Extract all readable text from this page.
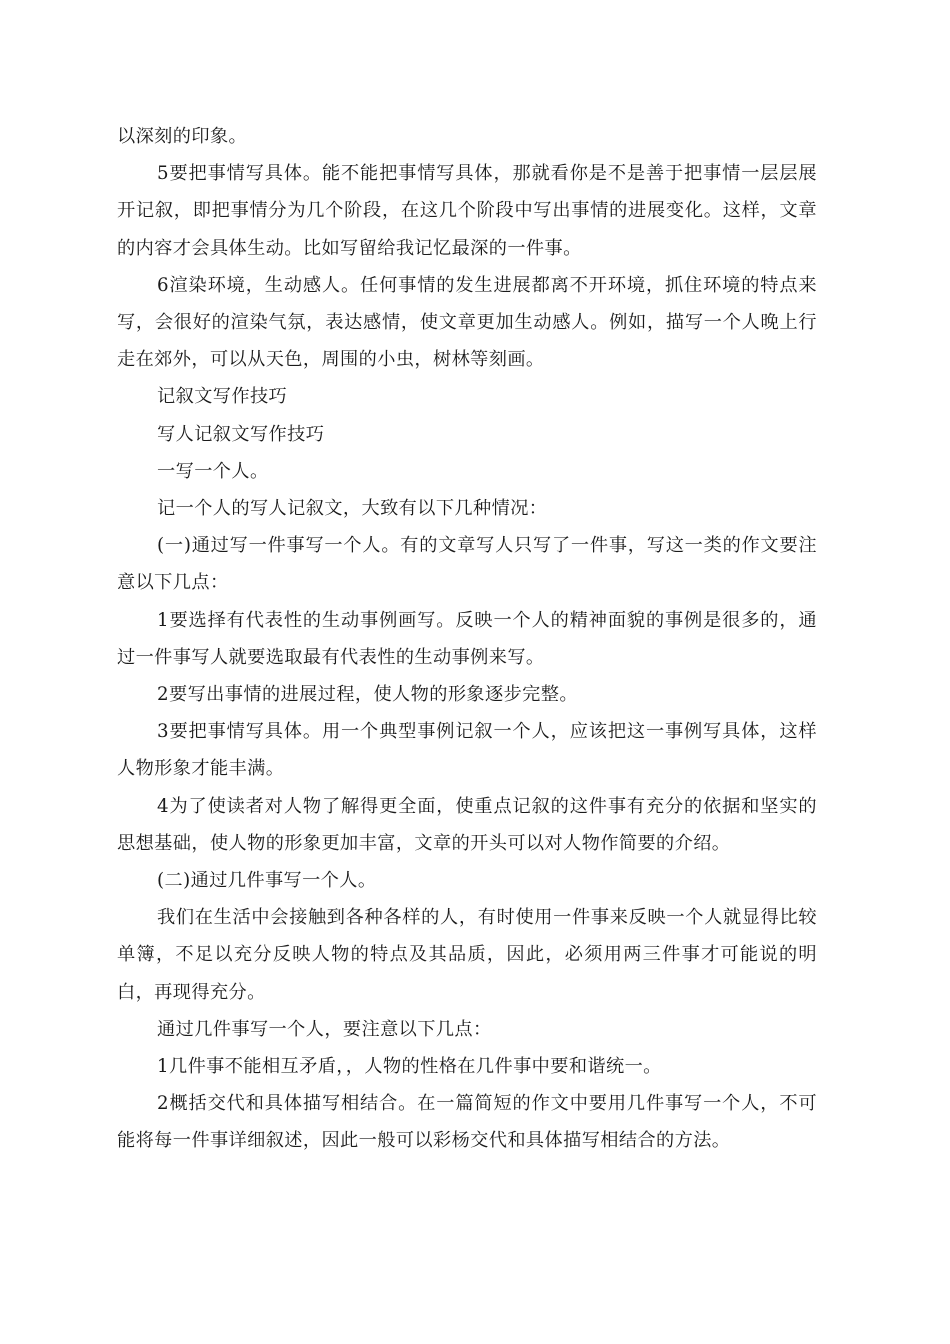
以深刻的印象。

5要把事情写具体。能不能把事情写具体，那就看你是不是善于把事情一层层展开记叙，即把事情分为几个阶段，在这几个阶段中写出事情的进展变化。这样，文章的内容才会具体生动。比如写留给我记忆最深的一件事。

6渲染环境，生动感人。任何事情的发生进展都离不开环境，抓住环境的特点来写，会很好的渲染气氛，表达感情，使文章更加生动感人。例如，描写一个人晚上行走在郊外，可以从天色，周围的小虫，树林等刻画。

记叙文写作技巧

写人记叙文写作技巧

一写一个人。

记一个人的写人记叙文，大致有以下几种情况：

(一)通过写一件事写一个人。有的文章写人只写了一件事，写这一类的作文要注意以下几点：

1要选择有代表性的生动事例画写。反映一个人的精神面貌的事例是很多的，通过一件事写人就要选取最有代表性的生动事例来写。

2要写出事情的进展过程，使人物的形象逐步完整。

3要把事情写具体。用一个典型事例记叙一个人，应该把这一事例写具体，这样人物形象才能丰满。

4为了使读者对人物了解得更全面，使重点记叙的这件事有充分的依据和坚实的思想基础，使人物的形象更加丰富，文章的开头可以对人物作简要的介绍。

(二)通过几件事写一个人。

我们在生活中会接触到各种各样的人，有时使用一件事来反映一个人就显得比较单簿，不足以充分反映人物的特点及其品质，因此，必须用两三件事才可能说的明白，再现得充分。

通过几件事写一个人，要注意以下几点：

1几件事不能相互矛盾，，人物的性格在几件事中要和谐统一。

2概括交代和具体描写相结合。在一篇简短的作文中要用几件事写一个人，不可能将每一件事详细叙述，因此一般可以彩杨交代和具体描写相结合的方法。
